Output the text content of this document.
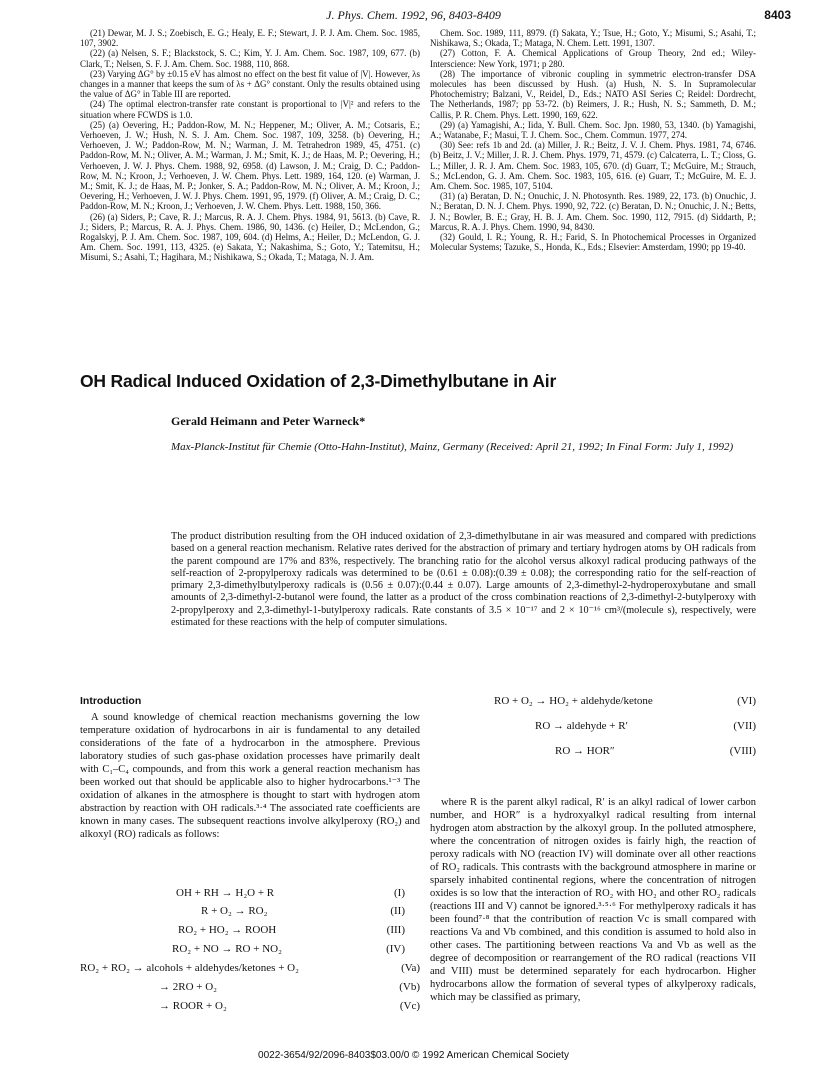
J. Phys. Chem. 1992, 96, 8403-8409	8403

(21) Dewar, M. J. S.; Zoebisch, E. G.; Healy, E. F.; Stewart, J. P. J. Am. Chem. Soc. 1985, 107, 3902.

(22) (a) Nelsen, S. F.; Blackstock, S. C.; Kim, Y. J. Am. Chem. Soc. 1987, 109, 677. (b) Clark, T.; Nelsen, S. F. J. Am. Chem. Soc. 1988, 110, 868.

(23) Varying ΔG° by ±0.15 eV has almost no effect on the best fit value of |V|. However, λs changes in a manner that keeps the sum of λs + ΔG° constant. Only the results obtained using the value of ΔG° in Table III are reported.

(24) The optimal electron-transfer rate constant is proportional to |V|² and refers to the situation where FCWDS is 1.0.

(25) (a) Oevering, H.; Paddon-Row, M. N.; Heppener, M.; Oliver, A. M.; Cotsaris, E.; Verhoeven, J. W.; Hush, N. S. J. Am. Chem. Soc. 1987, 109, 3258. (b) Oevering, H.; Verhoeven, J. W.; Paddon-Row, M. N.; Warman, J. M. Tetrahedron 1989, 45, 4751. (c) Paddon-Row, M. N.; Oliver, A. M.; Warman, J. M.; Smit, K. J.; de Haas, M. P.; Oevering, H.; Verhoeven, J. W. J. Phys. Chem. 1988, 92, 6958. (d) Lawson, J. M.; Craig, D. C.; Paddon-Row, M. N.; Kroon, J.; Verhoeven, J. W. Chem. Phys. Lett. 1989, 164, 120. (e) Warman, J. M.; Smit, K. J.; de Haas, M. P.; Jonker, S. A.; Paddon-Row, M. N.; Oliver, A. M.; Kroon, J.; Oevering, H.; Verhoeven, J. W. J. Phys. Chem. 1991, 95, 1979. (f) Oliver, A. M.; Craig, D. C.; Paddon-Row, M. N.; Kroon, J.; Verhoeven, J. W. Chem. Phys. Lett. 1988, 150, 366.

(26) (a) Siders, P.; Cave, R. J.; Marcus, R. A. J. Chem. Phys. 1984, 91, 5613. (b) Cave, R. J.; Siders, P.; Marcus, R. A. J. Phys. Chem. 1986, 90, 1436. (c) Heiler, D.; McLendon, G.; Rogalskyj, P. J. Am. Chem. Soc. 1987, 109, 604. (d) Helms, A.; Heiler, D.; McLendon, G. J. Am. Chem. Soc. 1991, 113, 4325. (e) Sakata, Y.; Nakashima, S.; Goto, Y.; Tatemitsu, H.; Misumi, S.; Asahi, T.; Hagihara, M.; Nishikawa, S.; Okada, T.; Mataga, N. J. Am.

Chem. Soc. 1989, 111, 8979. (f) Sakata, Y.; Tsue, H.; Goto, Y.; Misumi, S.; Asahi, T.; Nishikawa, S.; Okada, T.; Mataga, N. Chem. Lett. 1991, 1307.

(27) Cotton, F. A. Chemical Applications of Group Theory, 2nd ed.; Wiley-Interscience: New York, 1971; p 280.

(28) The importance of vibronic coupling in symmetric electron-transfer DSA molecules has been discussed by Hush. (a) Hush, N. S. In Supramolecular Photochemistry; Balzani, V., Reidel, D., Eds.; NATO ASI Series C; Reidel: Dordrecht, The Netherlands, 1987; pp 53-72. (b) Reimers, J. R.; Hush, N. S.; Sammeth, D. M.; Callis, P. R. Chem. Phys. Lett. 1990, 169, 622.

(29) (a) Yamagishi, A.; Iida, Y. Bull. Chem. Soc. Jpn. 1980, 53, 1340. (b) Yamagishi, A.; Watanabe, F.; Masui, T. J. Chem. Soc., Chem. Commun. 1977, 274.

(30) See: refs 1b and 2d. (a) Miller, J. R.; Beitz, J. V. J. Chem. Phys. 1981, 74, 6746. (b) Beitz, J. V.; Miller, J. R. J. Chem. Phys. 1979, 71, 4579. (c) Calcaterra, L. T.; Closs, G. L.; Miller, J. R. J. Am. Chem. Soc. 1983, 105, 670. (d) Guarr, T.; McGuire, M.; Strauch, S.; McLendon, G. J. Am. Chem. Soc. 1983, 105, 616. (e) Guarr, T.; McGuire, M. E. J. Am. Chem. Soc. 1985, 107, 5104.

(31) (a) Beratan, D. N.; Onuchic, J. N. Photosynth. Res. 1989, 22, 173. (b) Onuchic, J. N.; Beratan, D. N. J. Chem. Phys. 1990, 92, 722. (c) Beratan, D. N.; Onuchic, J. N.; Betts, J. N.; Bowler, B. E.; Gray, H. B. J. Am. Chem. Soc. 1990, 112, 7915. (d) Siddarth, P.; Marcus, R. A. J. Phys. Chem. 1990, 94, 8430.

(32) Gould, I. R.; Young, R. H.; Farid, S. In Photochemical Processes in Organized Molecular Systems; Tazuke, S., Honda, K., Eds.; Elsevier: Amsterdam, 1990; pp 19-40.

OH Radical Induced Oxidation of 2,3-Dimethylbutane in Air
Gerald Heimann and Peter Warneck*
Max-Planck-Institut für Chemie (Otto-Hahn-Institut), Mainz, Germany (Received: April 21, 1992; In Final Form: July 1, 1992)
The product distribution resulting from the OH induced oxidation of 2,3-dimethylbutane in air was measured and compared with predictions based on a general reaction mechanism. Relative rates derived for the abstraction of primary and tertiary hydrogen atoms by OH radicals from the parent compound are 17% and 83%, respectively. The branching ratio for the alcohol versus alkoxyl radical producing pathways of the self-reaction of 2-propylperoxy radicals was determined to be (0.61 ± 0.08):(0.39 ± 0.08); the corresponding ratio for the self-reaction of primary 2,3-dimethylbutylperoxy radicals is (0.56 ± 0.07):(0.44 ± 0.07). Large amounts of 2,3-dimethyl-2-hydroperoxybutane and small amounts of 2,3-dimethyl-2-butanol were found, the latter as a product of the cross combination reactions of 2,3-dimethyl-2-butylperoxy with 2-propylperoxy and 2,3-dimethyl-1-butylperoxy radicals. Rate constants of 3.5 × 10⁻¹⁷ and 2 × 10⁻¹⁶ cm³/(molecule s), respectively, were estimated for these reactions with the help of computer simulations.
Introduction

A sound knowledge of chemical reaction mechanisms governing the low temperature oxidation of hydrocarbons in air is fundamental to any detailed considerations of the fate of a hydrocarbon in the atmosphere. Previous laboratory studies of such gas-phase oxidation processes have primarily dealt with C₁–C₄ compounds, and from this work a general reaction mechanism has been worked out that should be applicable also to higher hydrocarbons.¹⁻³ The oxidation of alkanes in the atmosphere is thought to start with hydrogen atom abstraction by reaction with OH radicals.³·⁴ The associated rate coefficients are known in many cases. The subsequent reactions involve alkylperoxy (RO₂) and alkoxyl (RO) radicals as follows:

where R is the parent alkyl radical, R′ is an alkyl radical of lower carbon number, and HOR″ is a hydroxyalkyl radical resulting from internal hydrogen atom abstraction by the alkoxyl group. In the polluted atmosphere, where the concentration of nitrogen oxides is fairly high, the reaction of peroxy radicals with NO (reaction IV) will dominate over all other reactions of RO₂ radicals. This contrasts with the background atmosphere in marine or sparsely inhabited continental regions, where the concentration of nitrogen oxides is so low that the interaction of RO₂ with HO₂ and other RO₂ radicals (reactions III and V) cannot be ignored.³·⁵·⁶ For methylperoxy radicals it has been found⁷·⁸ that the contribution of reaction Vc is small compared with reactions Va and Vb combined, and this condition is assumed to hold also in other cases. The partitioning between reactions Va and Vb as well as the degree of decomposition or rearrangement of the RO radical (reactions VII and VIII) must be determined separately for each hydrocarbon. Higher hydrocarbons allow the formation of several types of alkylperoxy radicals, which may be classified as primary,

OH + RH → H₂O + R	(I)
R + O₂ → RO₂	(II)
RO₂ + HO₂ → ROOH	(III)
RO₂ + NO → RO + NO₂	(IV)
RO₂ + RO₂ → alcohols + aldehydes/ketones + O₂	(Va)
→ 2RO + O₂	(Vb)
→ ROOR + O₂	(Vc)
RO + O₂ → HO₂ + aldehyde/ketone	(VI)
RO → aldehyde + R′	(VII)
RO → HOR″	(VIII)
0022-3654/92/2096-8403$03.00/0 © 1992 American Chemical Society
